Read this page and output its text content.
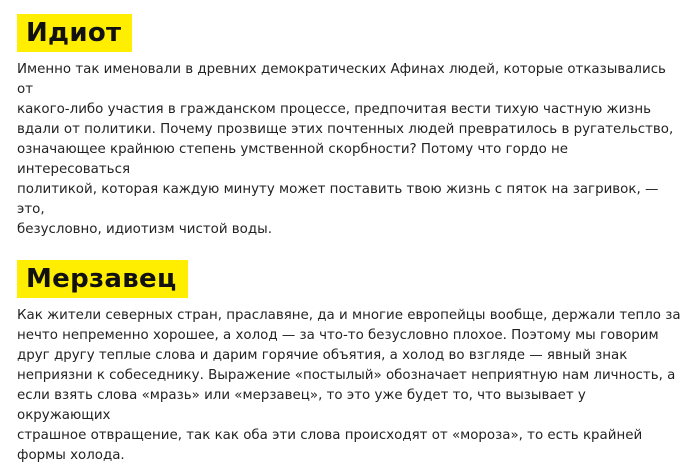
Идиот

Именно так именовали в древних демократических Афинах людей, которые отказывались от
какого-либо участия в гражданском процессе, предпочитая вести тихую частную жизнь
вдали от политики. Почему прозвище этих почтенных людей превратилось в ругательство,
означающее крайнюю степень умственной скорбности? Потому что гордо не интересоваться
политикой, которая каждую минуту может поставить твою жизнь с пяток на загривок, — это,
безусловно, идиотизм чистой воды.

Мерзавец

Как жители северных стран, праславяне, да и многие европейцы вообще, держали тепло за
нечто непременно хорошее, а холод — за что-то безусловно плохое. Поэтому мы говорим
друг другу теплые слова и дарим горячие объятия, а холод во взгляде — явный знак
неприязни к собеседнику. Выражение «постылый» обозначает неприятную нам личность, а
если взять слова «мразь» или «мерзавец», то это уже будет то, что вызывает у окружающих
страшное отвращение, так как оба эти слова происходят от «мороза», то есть крайней
формы холода.
